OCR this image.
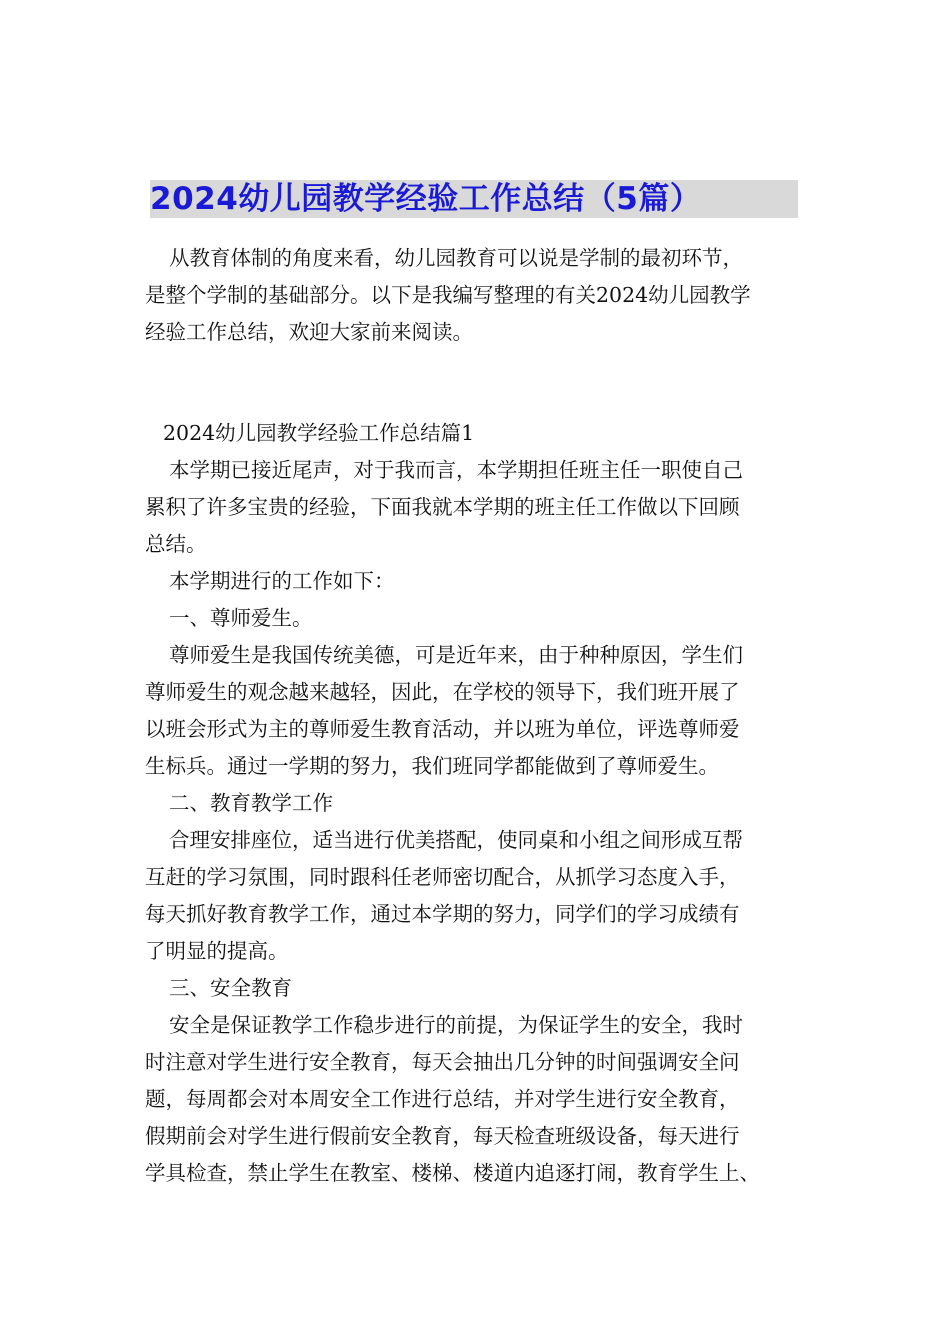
2024幼儿园教学经验工作总结（5篇）
从教育体制的角度来看，幼儿园教育可以说是学制的最初环节，
是整个学制的基础部分。以下是我编写整理的有关2024幼儿园教学
经验工作总结，欢迎大家前来阅读。
2024幼儿园教学经验工作总结篇1
本学期已接近尾声，对于我而言，本学期担任班主任一职使自己
累积了许多宝贵的经验，下面我就本学期的班主任工作做以下回顾
总结。
本学期进行的工作如下：
一、尊师爱生。
尊师爱生是我国传统美德，可是近年来，由于种种原因，学生们
尊师爱生的观念越来越轻，因此，在学校的领导下，我们班开展了
以班会形式为主的尊师爱生教育活动，并以班为单位，评选尊师爱
生标兵。通过一学期的努力，我们班同学都能做到了尊师爱生。
二、教育教学工作
合理安排座位，适当进行优美搭配，使同桌和小组之间形成互帮
互赶的学习氛围，同时跟科任老师密切配合，从抓学习态度入手，
每天抓好教育教学工作，通过本学期的努力，同学们的学习成绩有
了明显的提高。
三、安全教育
安全是保证教学工作稳步进行的前提，为保证学生的安全，我时
时注意对学生进行安全教育，每天会抽出几分钟的时间强调安全问
题，每周都会对本周安全工作进行总结，并对学生进行安全教育，
假期前会对学生进行假前安全教育，每天检查班级设备，每天进行
学具检查，禁止学生在教室、楼梯、楼道内追逐打闹，教育学生上、
